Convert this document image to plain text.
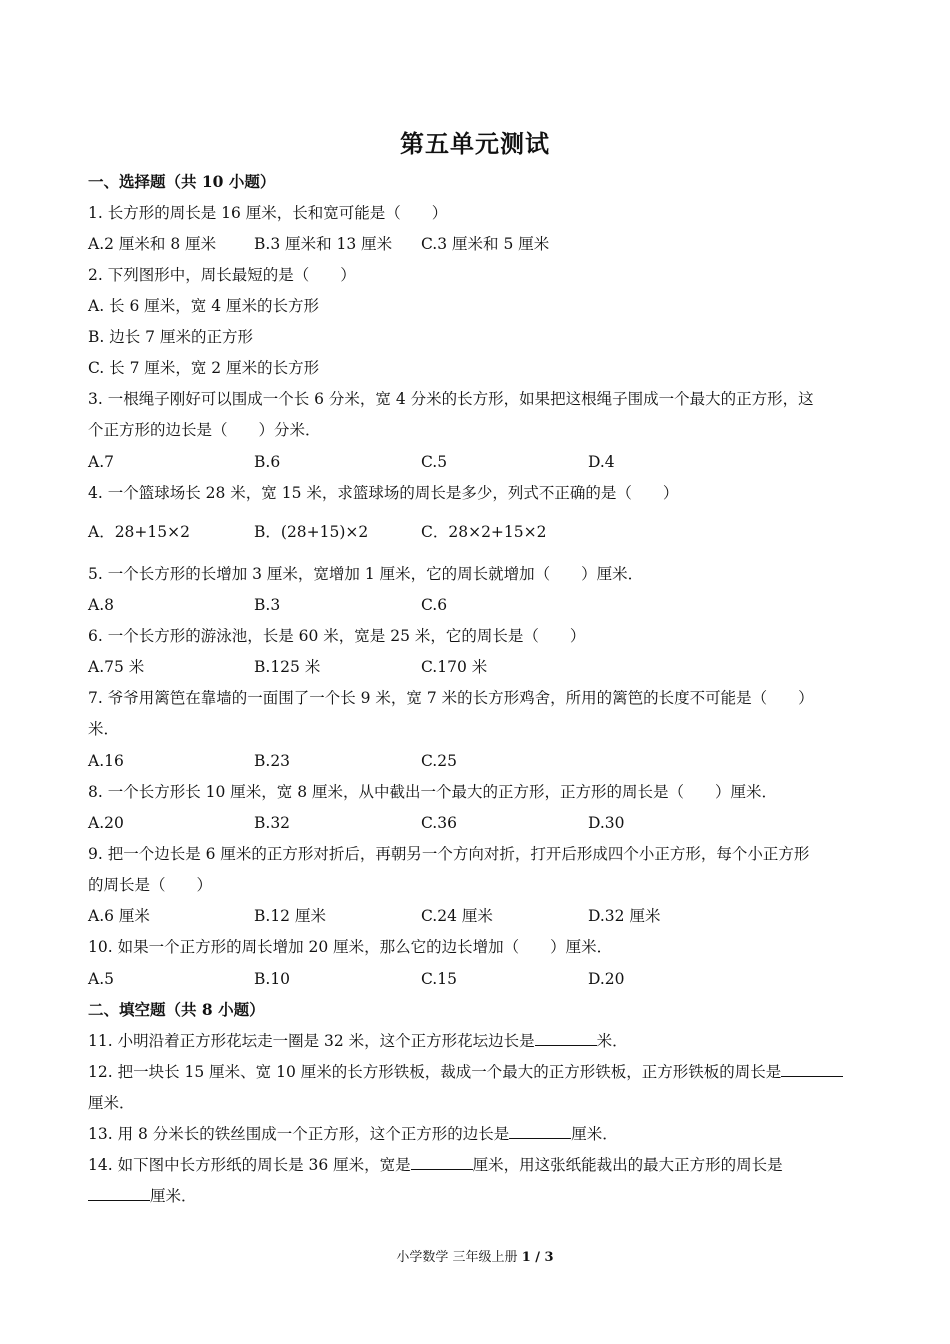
第五单元测试
一、选择题（共 10 小题）
1. 长方形的周长是 16 厘米，长和宽可能是（　　）
A.2 厘米和 8 厘米 B.3 厘米和 13 厘米 C.3 厘米和 5 厘米
2. 下列图形中，周长最短的是（　　）
A. 长 6 厘米，宽 4 厘米的长方形
B. 边长 7 厘米的正方形
C. 长 7 厘米，宽 2 厘米的长方形
3. 一根绳子刚好可以围成一个长 6 分米，宽 4 分米的长方形，如果把这根绳子围成一个最大的正方形，这
个正方形的边长是（　　）分米．
A.7	B.6	C.5	D.4
4. 一个篮球场长 28 米，宽 15 米，求篮球场的周长是多少，列式不正确的是（　　）
A．28+15×2	B．(28+15)×2	C．28×2+15×2
5. 一个长方形的长增加 3 厘米，宽增加 1 厘米，它的周长就增加（　　）厘米．
A.8	B.3	C.6
6. 一个长方形的游泳池，长是 60 米，宽是 25 米，它的周长是（　　）
A.75 米	B.125 米	C.170 米
7. 爷爷用篱笆在靠墙的一面围了一个长 9 米，宽 7 米的长方形鸡舍，所用的篱笆的长度不可能是（　　）
米．
A.16	B.23	C.25
8. 一个长方形长 10 厘米，宽 8 厘米，从中截出一个最大的正方形，正方形的周长是（　　）厘米．
A.20	B.32	C.36	D.30
9. 把一个边长是 6 厘米的正方形对折后，再朝另一个方向对折，打开后形成四个小正方形，每个小正方形
的周长是（　　）
A.6 厘米	B.12 厘米	C.24 厘米	D.32 厘米
10. 如果一个正方形的周长增加 20 厘米，那么它的边长增加（　　）厘米．
A.5	B.10	C.15	D.20
二、填空题（共 8 小题）
11. 小明沿着正方形花坛走一圈是 32 米，这个正方形花坛边长是	米．
12. 把一块长 15 厘米、宽 10 厘米的长方形铁板，裁成一个最大的正方形铁板，正方形铁板的周长是
厘米．
13. 用 8 分米长的铁丝围成一个正方形，这个正方形的边长是	厘米．
14. 如下图中长方形纸的周长是 36 厘米，宽是	厘米，用这张纸能裁出的最大正方形的周长是
厘米．
小学数学 三年级上册 1 / 3
